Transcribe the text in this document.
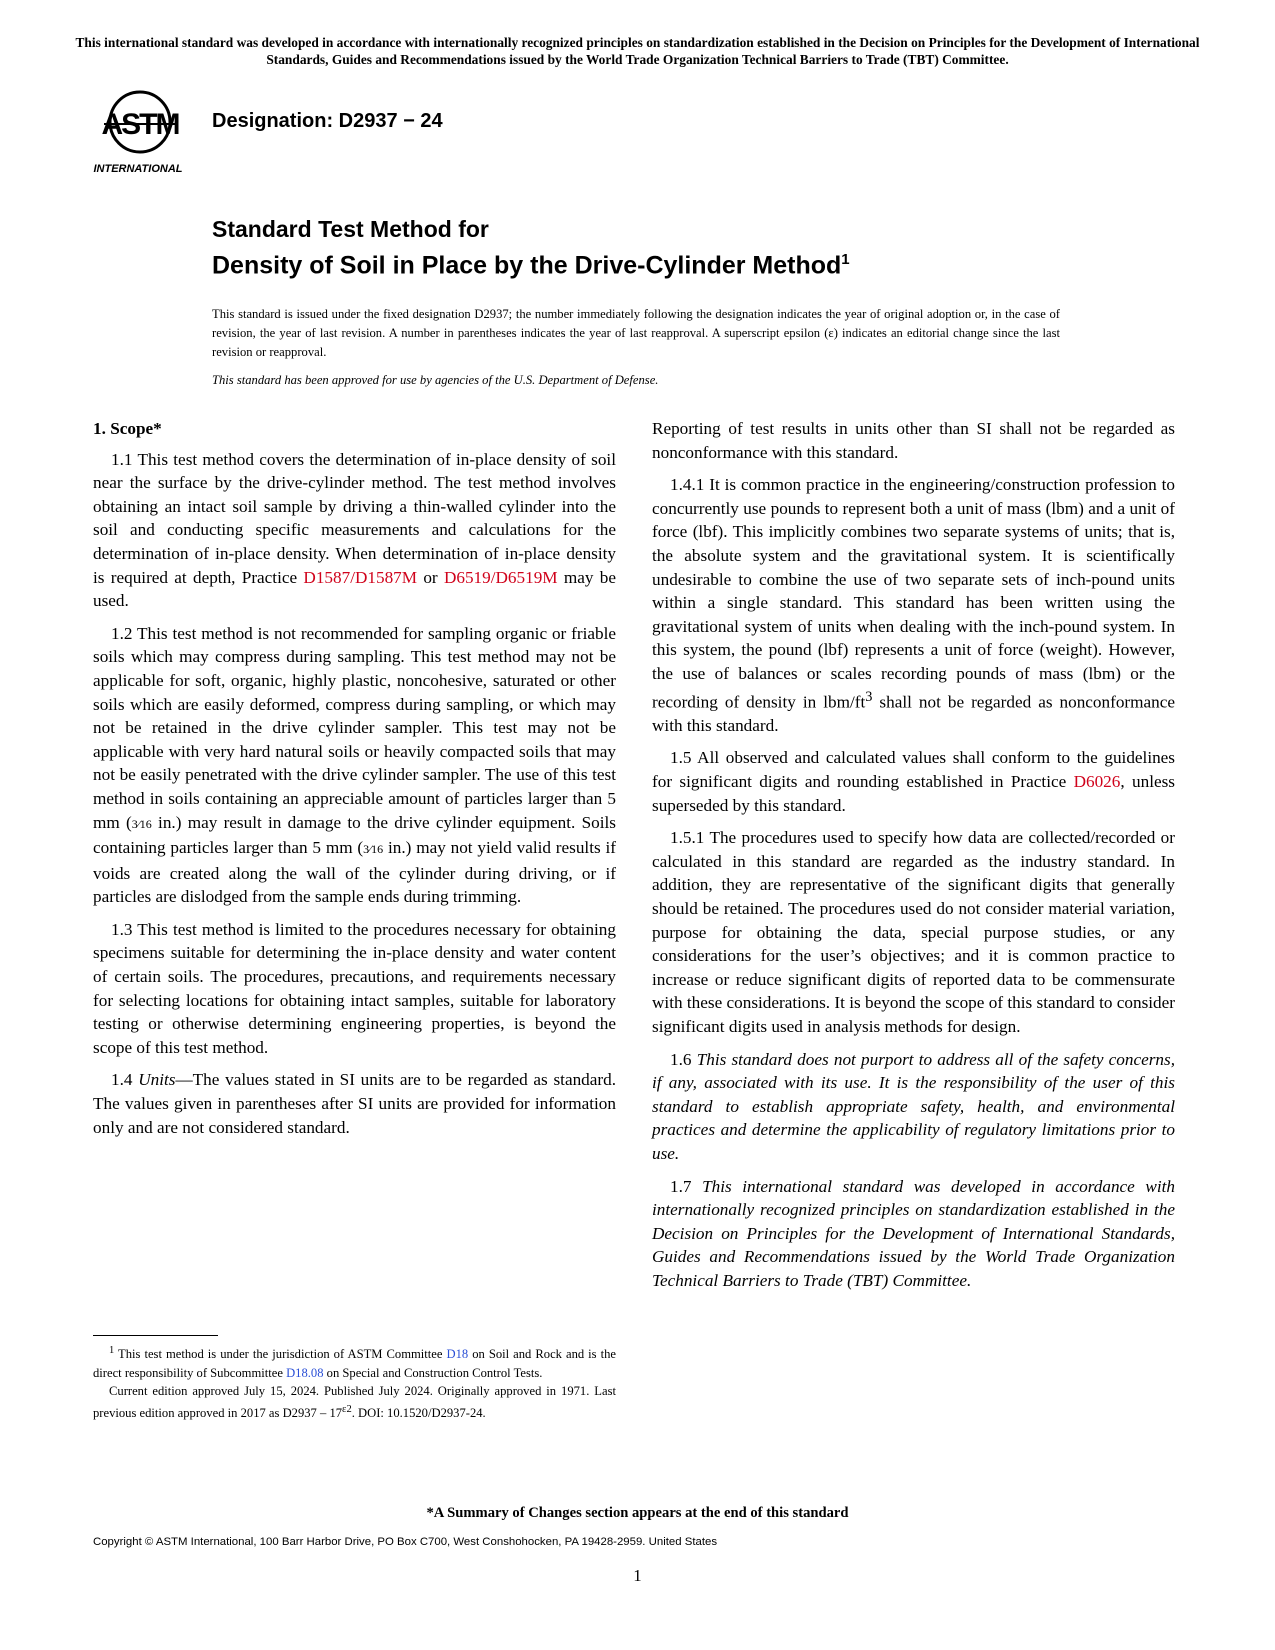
This international standard was developed in accordance with internationally recognized principles on standardization established in the Decision on Principles for the Development of International Standards, Guides and Recommendations issued by the World Trade Organization Technical Barriers to Trade (TBT) Committee.
ASTM
INTERNATIONAL
Designation: D2937 − 24
Standard Test Method for
Density of Soil in Place by the Drive-Cylinder Method$^1$
This standard is issued under the fixed designation D2937; the number immediately following the designation indicates the year of original adoption or, in the case of revision, the year of last revision. A number in parentheses indicates the year of last reapproval. A superscript epsilon (ε) indicates an editorial change since the last revision or reapproval.
This standard has been approved for use by agencies of the U.S. Department of Defense.
1. Scope*

1.1 This test method covers the determination of in-place density of soil near the surface by the drive-cylinder method. The test method involves obtaining an intact soil sample by driving a thin-walled cylinder into the soil and conducting specific measurements and calculations for the determination of in-place density. When determination of in-place density is required at depth, Practice D1587/D1587M or D6519/D6519M may be used.

1.2 This test method is not recommended for sampling organic or friable soils which may compress during sampling. This test method may not be applicable for soft, organic, highly plastic, noncohesive, saturated or other soils which are easily deformed, compress during sampling, or which may not be retained in the drive cylinder sampler. This test may not be applicable with very hard natural soils or heavily compacted soils that may not be easily penetrated with the drive cylinder sampler. The use of this test method in soils containing an appreciable amount of particles larger than 5 mm (3⁄16 in.) may result in damage to the drive cylinder equipment. Soils containing particles larger than 5 mm (3⁄16 in.) may not yield valid results if voids are created along the wall of the cylinder during driving, or if particles are dislodged from the sample ends during trimming.

1.3 This test method is limited to the procedures necessary for obtaining specimens suitable for determining the in-place density and water content of certain soils. The procedures, precautions, and requirements necessary for selecting locations for obtaining intact samples, suitable for laboratory testing or otherwise determining engineering properties, is beyond the scope of this test method.

1.4 Units—The values stated in SI units are to be regarded as standard. The values given in parentheses after SI units are provided for information only and are not considered standard.

Reporting of test results in units other than SI shall not be regarded as nonconformance with this standard.

1.4.1 It is common practice in the engineering/construction profession to concurrently use pounds to represent both a unit of mass (lbm) and a unit of force (lbf). This implicitly combines two separate systems of units; that is, the absolute system and the gravitational system. It is scientifically undesirable to combine the use of two separate sets of inch-pound units within a single standard. This standard has been written using the gravitational system of units when dealing with the inch-pound system. In this system, the pound (lbf) represents a unit of force (weight). However, the use of balances or scales recording pounds of mass (lbm) or the recording of density in lbm/$ft^3$ shall not be regarded as nonconformance with this standard.

1.5 All observed and calculated values shall conform to the guidelines for significant digits and rounding established in Practice D6026, unless superseded by this standard.

1.5.1 The procedures used to specify how data are collected/recorded or calculated in this standard are regarded as the industry standard. In addition, they are representative of the significant digits that generally should be retained. The procedures used do not consider material variation, purpose for obtaining the data, special purpose studies, or any considerations for the user’s objectives; and it is common practice to increase or reduce significant digits of reported data to be commensurate with these considerations. It is beyond the scope of this standard to consider significant digits used in analysis methods for design.

1.6 This standard does not purport to address all of the safety concerns, if any, associated with its use. It is the responsibility of the user of this standard to establish appropriate safety, health, and environmental practices and determine the applicability of regulatory limitations prior to use.

1.7 This international standard was developed in accordance with internationally recognized principles on standardization established in the Decision on Principles for the Development of International Standards, Guides and Recommendations issued by the World Trade Organization Technical Barriers to Trade (TBT) Committee.

$^1$ This test method is under the jurisdiction of ASTM Committee D18 on Soil and Rock and is the direct responsibility of Subcommittee D18.08 on Special and Construction Control Tests.

Current edition approved July 15, 2024. Published July 2024. Originally approved in 1971. Last previous edition approved in 2017 as $D2937 - 17^{\varepsilon 2}$. DOI: 10.1520/D2937-24.

*A Summary of Changes section appears at the end of this standard
Copyright © ASTM International, 100 Barr Harbor Drive, PO Box C700, West Conshohocken, PA 19428-2959. United States
1
